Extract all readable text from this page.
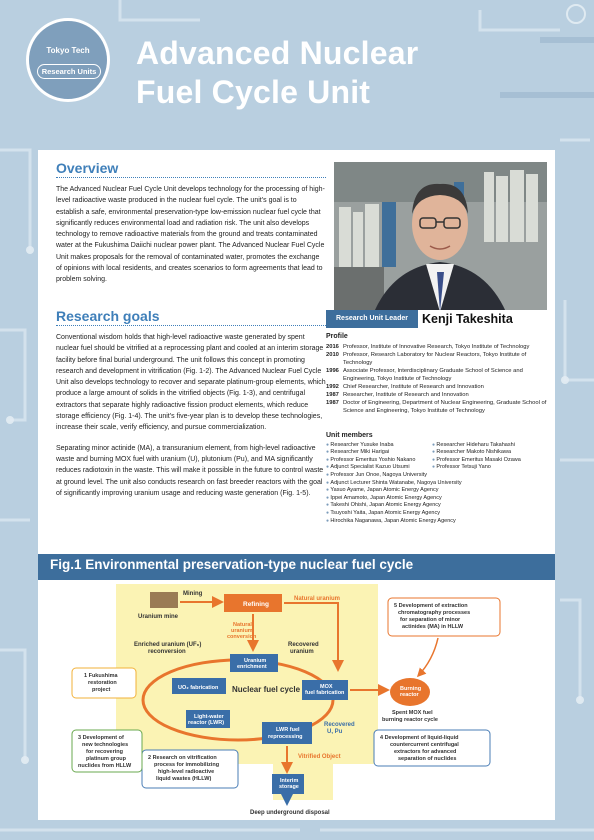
Tokyo Tech
Research Units
Advanced Nuclear
Fuel Cycle Unit
Overview
The Advanced Nuclear Fuel Cycle Unit develops technology for the processing of high-level radioactive waste produced in the nuclear fuel cycle. The unit’s goal is to establish a safe, environmental preservation-type low-emission nuclear fuel cycle that significantly reduces environmental load and radiation risk. The unit also develops technology to remove radioactive materials from the ground and treats contaminated water at the Fukushima Daiichi nuclear power plant. The Advanced Nuclear Fuel Cycle Unit makes proposals for the removal of contaminated water, promotes the exchange of opinions with local residents, and creates scenarios to form agreements that lead to problem solving.
Research goals

Conventional wisdom holds that high-level radioactive waste generated by spent nuclear fuel should be vitrified at a reprocessing plant and cooled at an interim storage facility before final burial underground. The unit follows this concept in promoting research and development in vitrification (Fig. 1-2). The Advanced Nuclear Fuel Cycle Unit also develops technology to recover and separate platinum-group elements, which produce a large amount of solids in the vitrified objects (Fig. 1-3), and centrifugal extractors that separate highly radioactive fission product elements, which reduce storage efficiency (Fig. 1-4). The unit’s five-year plan is to develop these technologies, increase their scale, verify efficiency, and pursue commercialization.

Separating minor actinide (MA), a transuranium element, from high-level radioactive waste and burning MOX fuel with uranium (U), plutonium (Pu), and MA significantly reduces radiotoxin in the waste. This will make it possible in the future to control waste at ground level. The unit also conducts research on fast breeder reactors with the goal of significantly improving uranium usage and reducing waste generation (Fig. 1-5).

Research Unit Leader	Kenji Takeshita
Profile
2016	Professor, Institute of Innovative Research, Tokyo Institute of Technology
2010	Professor, Research Laboratory for Nuclear Reactors, Tokyo Institute of Technology
1996	Associate Professor, Interdisciplinary Graduate School of Science and Engineering, Tokyo Institute of Technology
1992	Chief Researcher, Institute of Research and Innovation
1987	Researcher, Institute of Research and Innovation
1987	Doctor of Engineering, Department of Nuclear Engineering, Graduate School of Science and Engineering, Tokyo Institute of Technology
Unit members
● Researcher Yusuke Inaba	● Researcher Hideharu Takahashi
● Researcher Miki Harigai	● Researcher Makoto Nishikawa
● Professor Emeritus Yoshio Nakano	● Professor Emeritus Masaki Ozawa
● Adjunct Specialist Kazuo Utsumi	● Professor Tetsuji Yano
● Professor Jun Onoe, Nagoya University
● Adjunct Lecturer Shinta Watanabe, Nagoya University
● Yasuo Ayame, Japan Atomic Energy Agency
● Ippei Amamoto, Japan Atomic Energy Agency
● Takeshi Ohishi, Japan Atomic Energy Agency
● Tsuyoshi Yaita, Japan Atomic Energy Agency
● Hirochika Naganawa, Japan Atomic Energy Agency
Fig.1 Environmental preservation-type nuclear fuel cycle
Mining
Uranium mine
Refining
Natural uranium
Natural uranium conversion
Enriched uranium (UF₆) reconversion
Uranium enrichment
Recovered uranium
UO₂ fabrication Nuclear fuel cycle	MOX fuel fabrication
Light-water reactor (LWR)
LWR fuel reprocessing
Recovered U, Pu
Burning reactor
Spent MOX fuel burning reactor cycle
Vitrified Object
Interim storage
Deep underground disposal
1 Fukushima restoration project
2 Research on vitrification process for immobilizing high-level radioactive liquid wastes (HLLW)
3 Development of new technologies for recovering platinum group nuclides from HLLW
4 Development of liquid-liquid countercurrent centrifugal extractors for advanced separation of nuclides
5 Development of extraction chromatography processes for separation of minor actinides (MA) in HLLW
